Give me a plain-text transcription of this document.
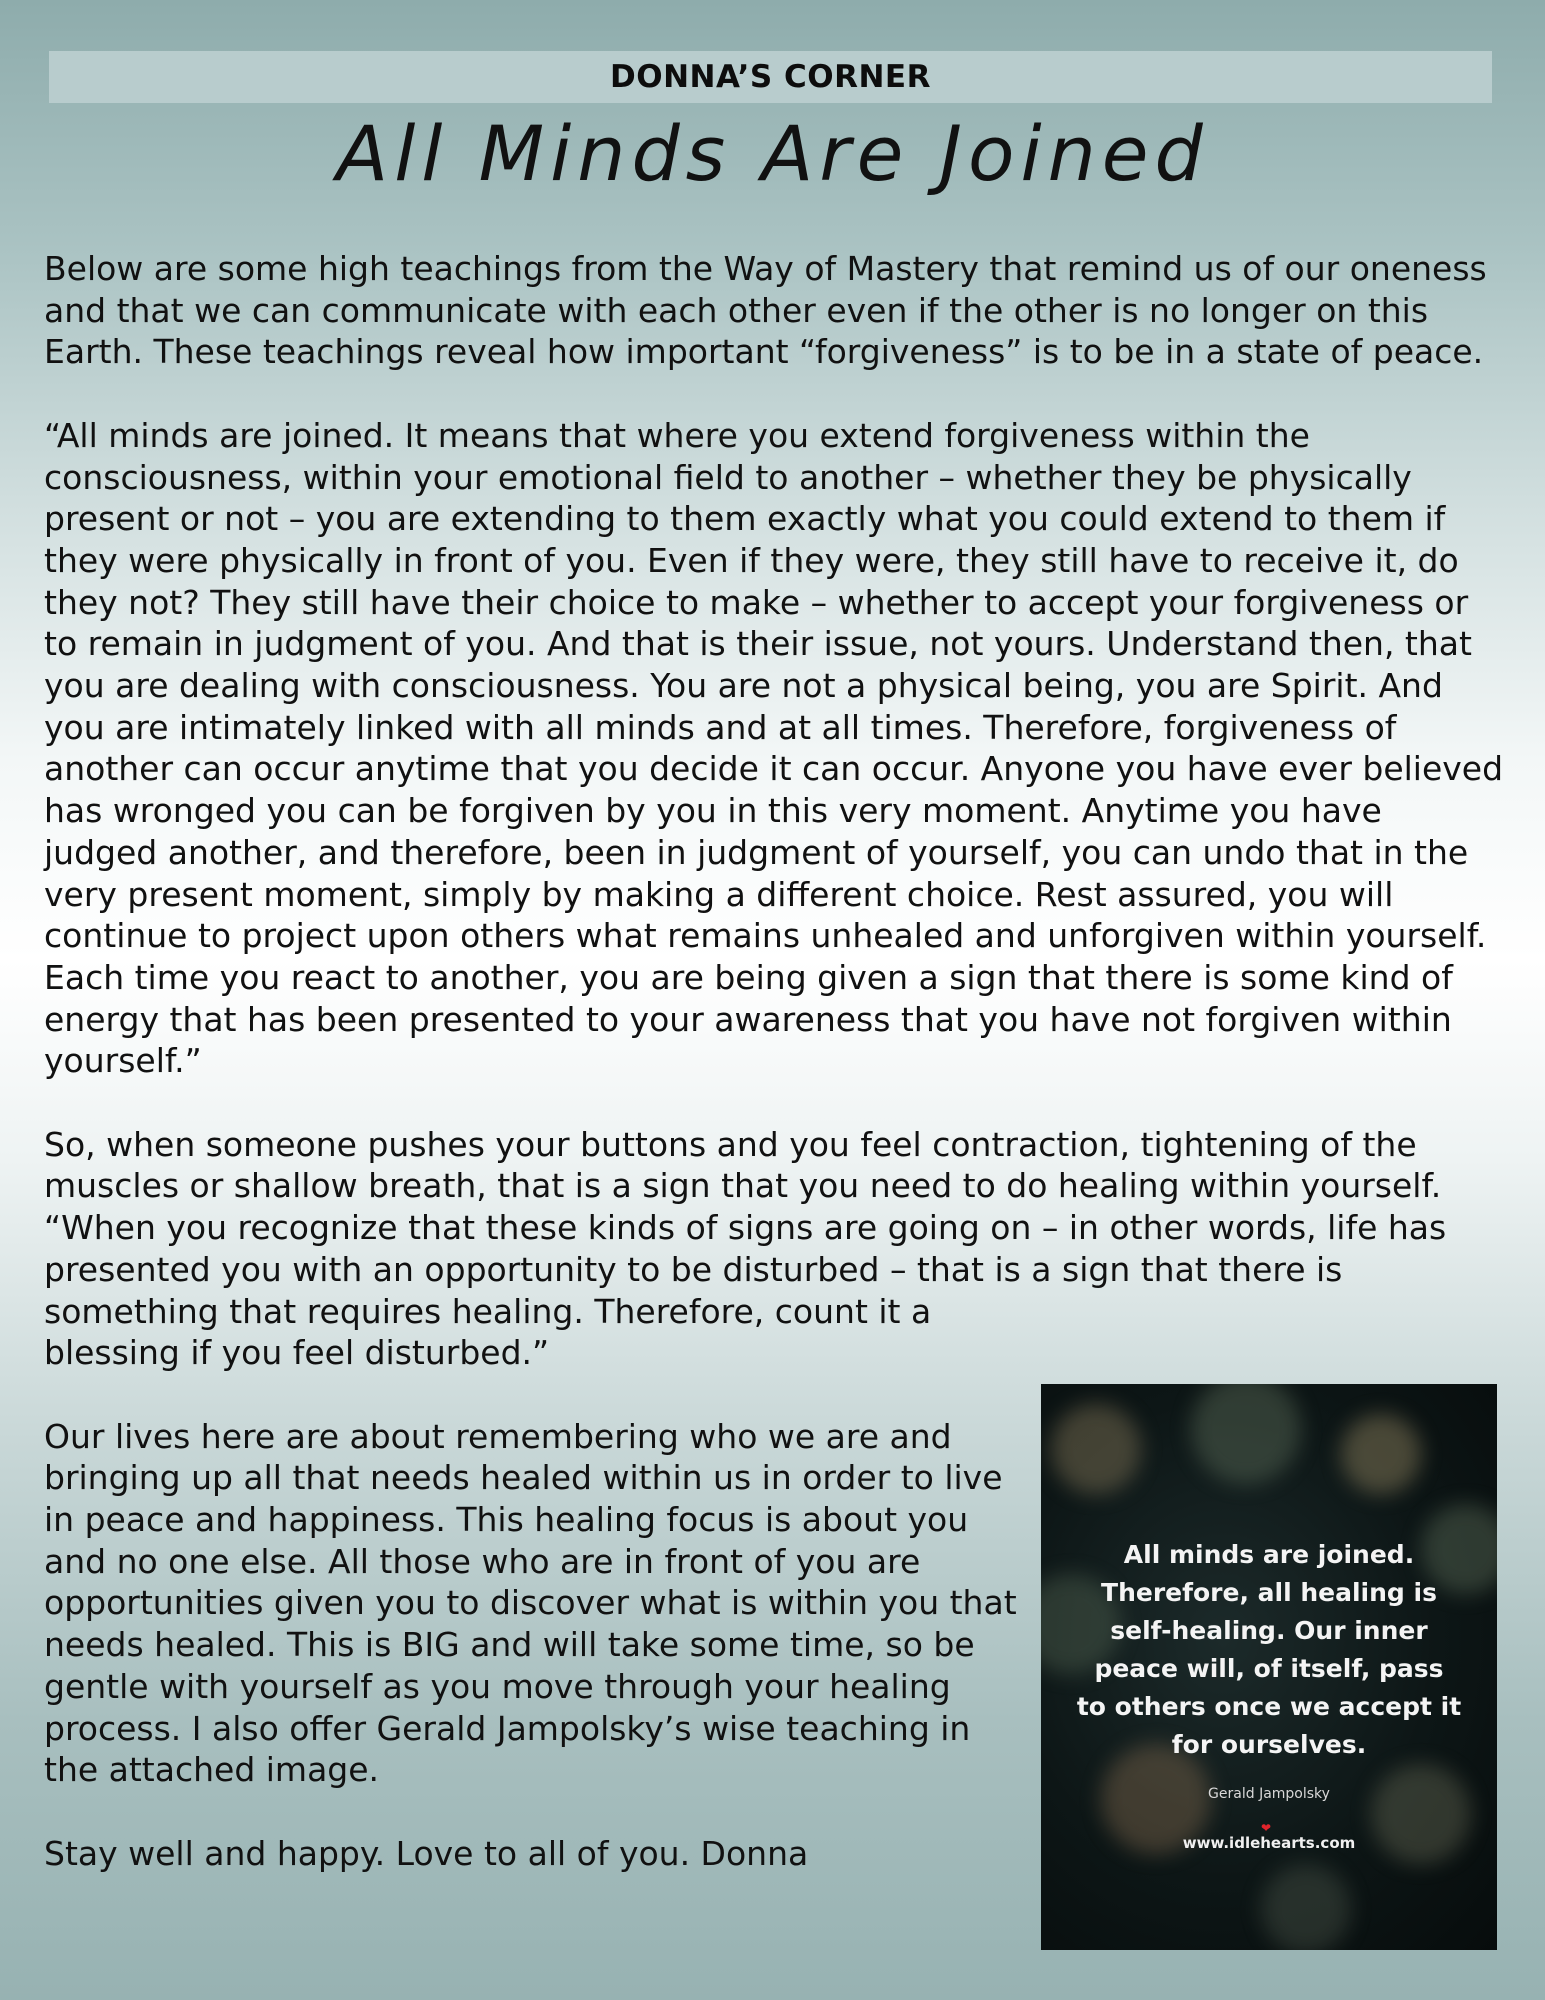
DONNA’S CORNER
All Minds Are Joined

Below are some high teachings from the Way of Mastery that remind us of our oneness and that we can communicate with each other even if the other is no longer on this Earth. These teachings reveal how important “forgiveness” is to be in a state of peace.

“All minds are joined. It means that where you extend forgiveness within the consciousness, within your emotional field to another – whether they be physically present or not – you are extending to them exactly what you could extend to them if they were physically in front of you. Even if they were, they still have to receive it, do they not? They still have their choice to make – whether to accept your forgiveness or to remain in judgment of you. And that is their issue, not yours. Understand then, that you are dealing with consciousness. You are not a physical being, you are Spirit. And you are intimately linked with all minds and at all times. Therefore, forgiveness of another can occur anytime that you decide it can occur. Anyone you have ever believed has wronged you can be forgiven by you in this very moment. Anytime you have judged another, and therefore, been in judgment of yourself, you can undo that in the very present moment, simply by making a different choice. Rest assured, you will continue to project upon others what remains unhealed and unforgiven within yourself. Each time you react to another, you are being given a sign that there is some kind of energy that has been presented to your awareness that you have not forgiven within yourself.”

So, when someone pushes your buttons and you feel contraction, tightening of the muscles or shallow breath, that is a sign that you need to do healing within yourself. “When you recognize that these kinds of signs are going on – in other words, life has presented you with an opportunity to be disturbed – that is a sign that there is something that requires healing. Therefore, count it a

blessing if you feel disturbed.”

Our lives here are about remembering who we are and bringing up all that needs healed within us in order to live in peace and happiness. This healing focus is about you and no one else. All those who are in front of you are opportunities given you to discover what is within you that needs healed. This is BIG and will take some time, so be gentle with yourself as you move through your healing process. I also offer Gerald Jampolsky’s wise teaching in the attached image.

Stay well and happy. Love to all of you. Donna

All minds are joined.
Therefore, all healing is
self-healing. Our inner
peace will, of itself, pass
to others once we accept it
for ourselves.
Gerald Jampolsky
❤
www.idlehearts.com
